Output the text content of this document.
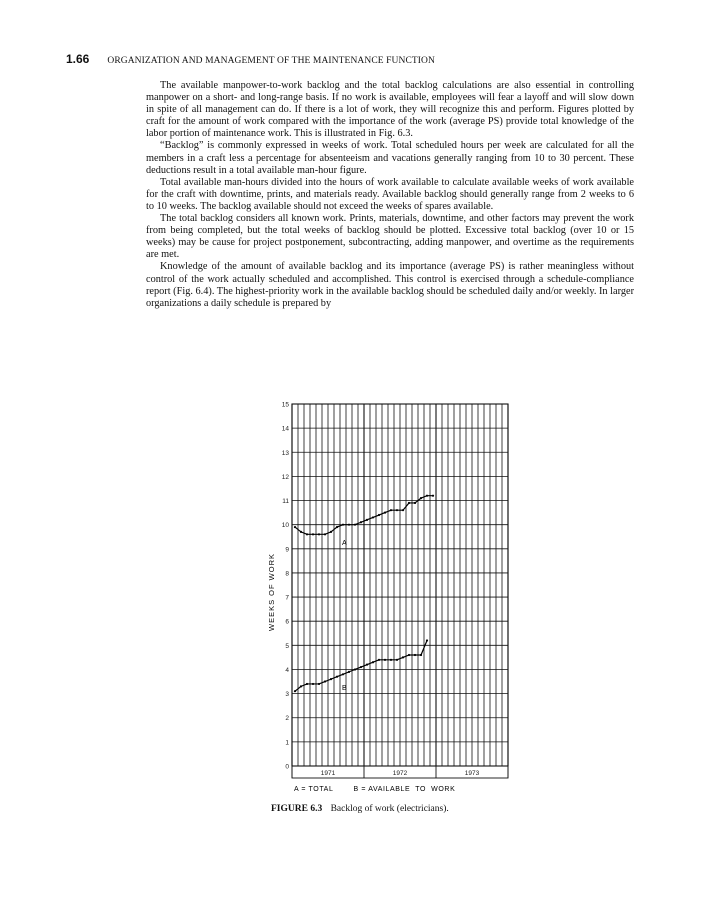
1.66 ORGANIZATION AND MANAGEMENT OF THE MAINTENANCE FUNCTION

The available manpower-to-work backlog and the total backlog calculations are also essential in controlling manpower on a short- and long-range basis. If no work is available, employees will fear a layoff and will slow down in spite of all management can do. If there is a lot of work, they will recognize this and perform. Figures plotted by craft for the amount of work compared with the importance of the work (average PS) provide total knowledge of the labor portion of maintenance work. This is illustrated in Fig. 6.3.

“Backlog” is commonly expressed in weeks of work. Total scheduled hours per week are calculated for all the members in a craft less a percentage for absenteeism and vacations generally ranging from 10 to 30 percent. These deductions result in a total available man-hour figure.

Total available man-hours divided into the hours of work available to calculate available weeks of work available for the craft with downtime, prints, and materials ready. Available backlog should generally range from 2 weeks to 6 to 10 weeks. The backlog available should not exceed the weeks of spares available.

The total backlog considers all known work. Prints, materials, downtime, and other factors may prevent the work from being completed, but the total weeks of backlog should be plotted. Excessive total backlog (over 10 or 15 weeks) may be cause for project postponement, subcontracting, adding manpower, and overtime as the requirements are met.

Knowledge of the amount of available backlog and its importance (average PS) is rather meaningless without control of the work actually scheduled and accomplished. This control is exercised through a schedule-compliance report (Fig. 6.4). The highest-priority work in the available backlog should be scheduled daily and/or weekly. In larger organizations a daily schedule is prepared by

0
1
2
3
4
5
6
7
8
9
10
11
12
13
14
15
1971	1972	1973
A
B
WEEKS OF WORK
A = TOTAL        B = AVAILABLE  TO  WORK
FIGURE 6.3 Backlog of work (electricians).
